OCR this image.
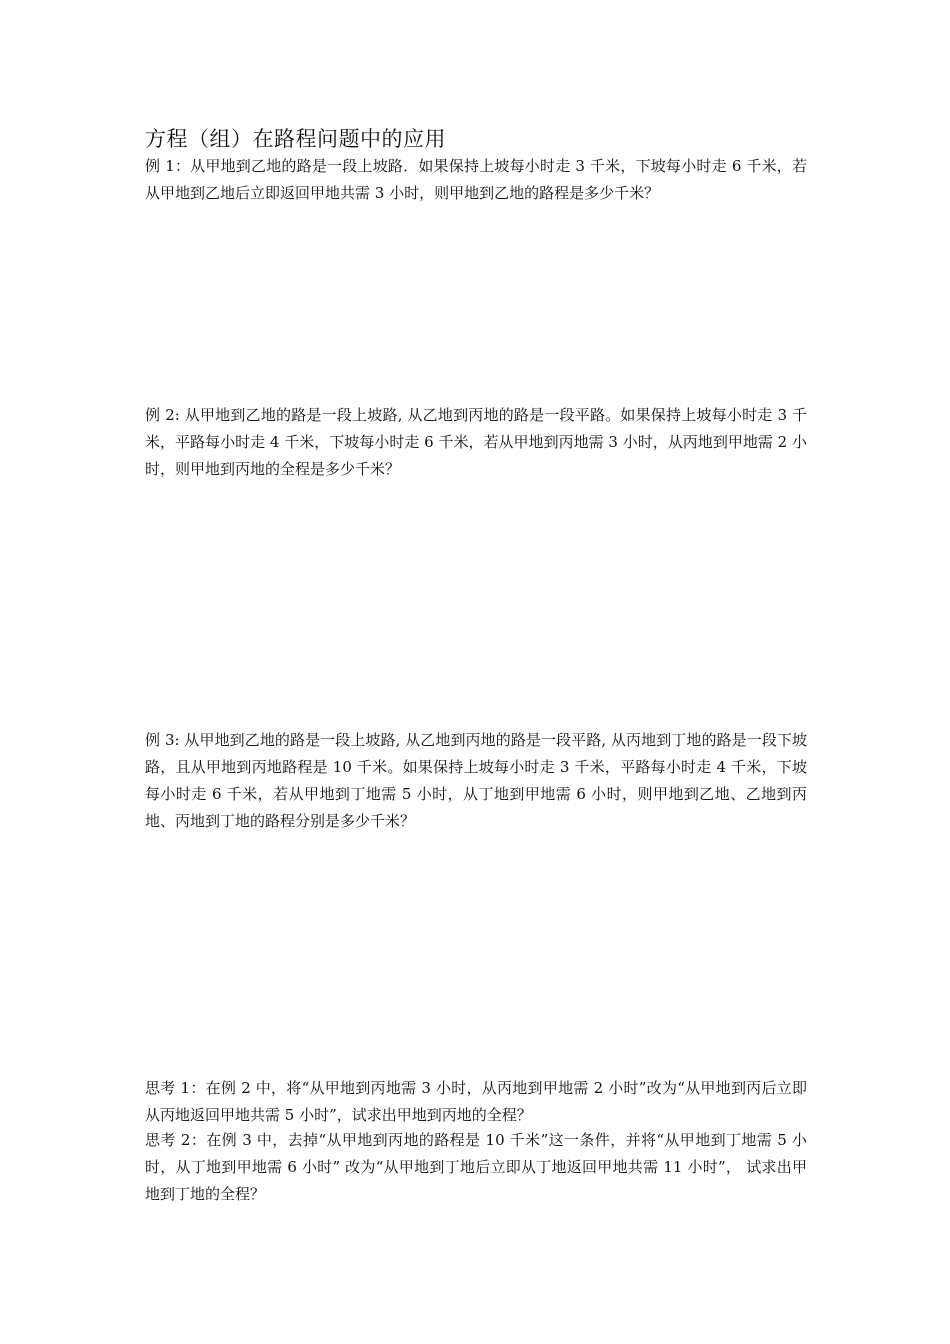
方程（组）在路程问题中的应用

例 1：从甲地到乙地的路是一段上坡路．如果保持上坡每小时走 3 千米，下坡每小时走 6 千米，若从甲地到乙地后立即返回甲地共需 3 小时，则甲地到乙地的路程是多少千米？

例 2: 从甲地到乙地的路是一段上坡路, 从乙地到丙地的路是一段平路。如果保持上坡每小时走 3 千米，平路每小时走 4 千米，下坡每小时走 6 千米，若从甲地到丙地需 3 小时，从丙地到甲地需 2 小时，则甲地到丙地的全程是多少千米？

例 3: 从甲地到乙地的路是一段上坡路, 从乙地到丙地的路是一段平路, 从丙地到丁地的路是一段下坡路，且从甲地到丙地路程是 10 千米。如果保持上坡每小时走 3 千米，平路每小时走 4 千米，下坡每小时走 6 千米，若从甲地到丁地需 5 小时，从丁地到甲地需 6 小时，则甲地到乙地、乙地到丙地、丙地到丁地的路程分别是多少千米？

思考 1：在例 2 中，将“从甲地到丙地需 3 小时，从丙地到甲地需 2 小时”改为“从甲地到丙后立即从丙地返回甲地共需 5 小时”，试求出甲地到丙地的全程？

思考 2：在例 3 中，去掉“从甲地到丙地的路程是 10 千米”这一条件，并将“从甲地到丁地需 5 小时，从丁地到甲地需 6 小时” 改为“从甲地到丁地后立即从丁地返回甲地共需 11 小时”， 试求出甲地到丁地的全程？
